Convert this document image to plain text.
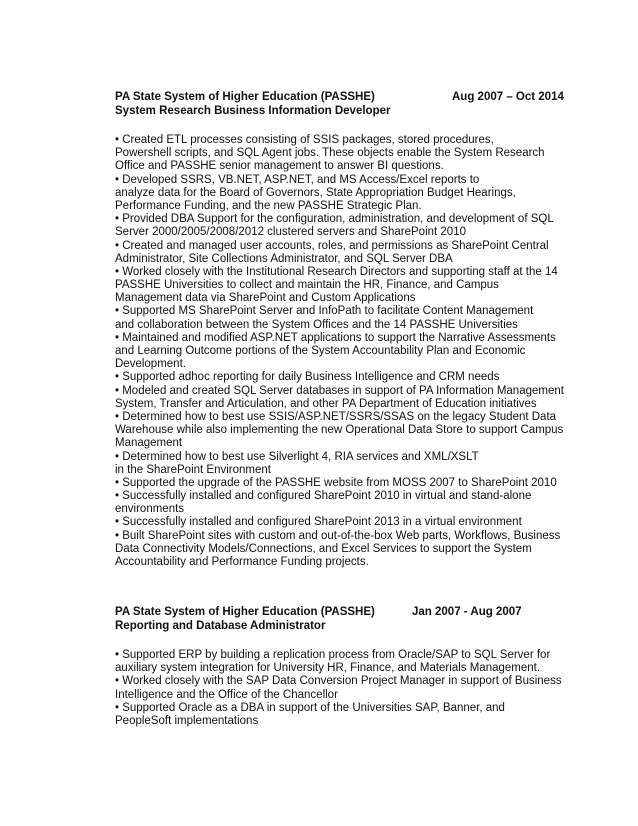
PA State System of Higher Education (PASSHE)	Aug 2007 – Oct 2014
System Research Business Information Developer
• Created ETL processes consisting of SSIS packages, stored procedures,
Powershell scripts, and SQL Agent jobs. These objects enable the System Research
Office and PASSHE senior management to answer BI questions.
• Developed SSRS, VB.NET, ASP.NET, and MS Access/Excel reports to
analyze data for the Board of Governors, State Appropriation Budget Hearings,
Performance Funding, and the new PASSHE Strategic Plan.
• Provided DBA Support for the configuration, administration, and development of SQL
Server 2000/2005/2008/2012 clustered servers and SharePoint 2010
• Created and managed user accounts, roles, and permissions as SharePoint Central
Administrator, Site Collections Administrator, and SQL Server DBA
• Worked closely with the Institutional Research Directors and supporting staff at the 14
PASSHE Universities to collect and maintain the HR, Finance, and Campus
Management data via SharePoint and Custom Applications
• Supported MS SharePoint Server and InfoPath to facilitate Content Management
and collaboration between the System Offices and the 14 PASSHE Universities
• Maintained and modified ASP.NET applications to support the Narrative Assessments
and Learning Outcome portions of the System Accountability Plan and Economic
Development.
• Supported adhoc reporting for daily Business Intelligence and CRM needs
• Modeled and created SQL Server databases in support of PA Information Management
System, Transfer and Articulation, and other PA Department of Education initiatives
• Determined how to best use SSIS/ASP.NET/SSRS/SSAS on the legacy Student Data
Warehouse while also implementing the new Operational Data Store to support Campus
Management
• Determined how to best use Silverlight 4, RIA services and XML/XSLT
in the SharePoint Environment
• Supported the upgrade of the PASSHE website from MOSS 2007 to SharePoint 2010
• Successfully installed and configured SharePoint 2010 in virtual and stand-alone
environments
• Successfully installed and configured SharePoint 2013 in a virtual environment
• Built SharePoint sites with custom and out-of-the-box Web parts, Workflows, Business
Data Connectivity Models/Connections, and Excel Services to support the System
Accountability and Performance Funding projects.
PA State System of Higher Education (PASSHE)	Jan 2007 - Aug 2007
Reporting and Database Administrator
• Supported ERP by building a replication process from Oracle/SAP to SQL Server for
auxiliary system integration for University HR, Finance, and Materials Management.
• Worked closely with the SAP Data Conversion Project Manager in support of Business
Intelligence and the Office of the Chancellor
• Supported Oracle as a DBA in support of the Universities SAP, Banner, and
PeopleSoft implementations
